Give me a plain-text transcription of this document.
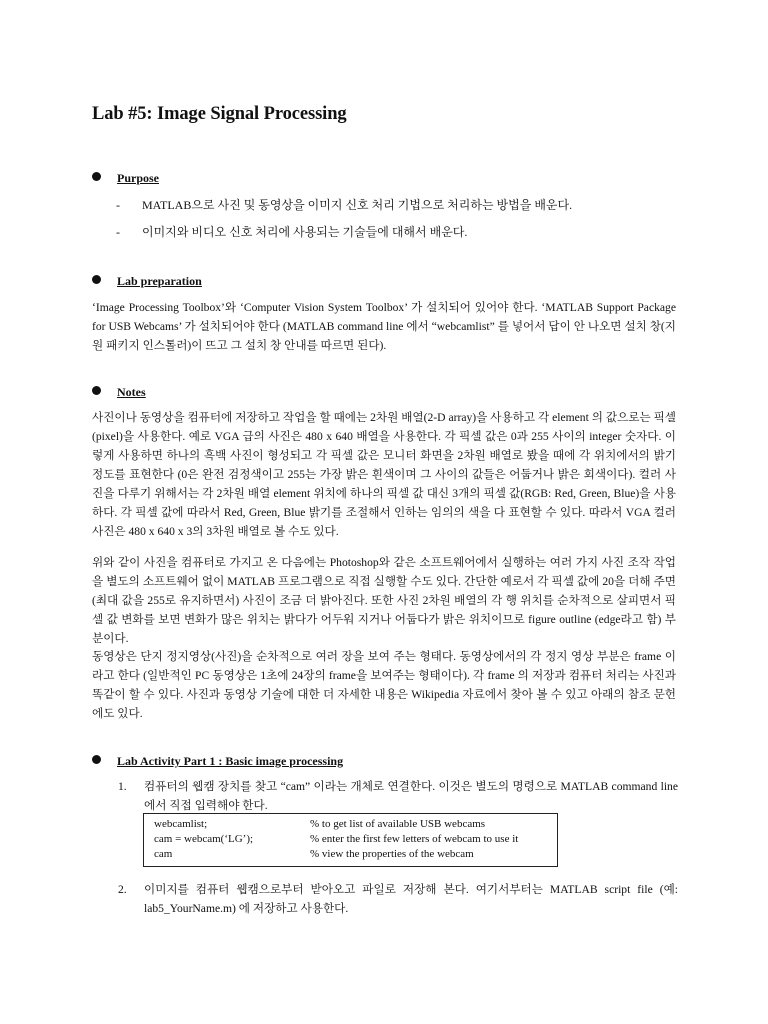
Lab #5: Image Signal Processing
Purpose
- MATLAB으로 사진 및 동영상을 이미지 신호 처리 기법으로 처리하는 방법을 배운다.
- 이미지와 비디오 신호 처리에 사용되는 기술들에 대해서 배운다.
Lab preparation
‘Image Processing Toolbox’와 ‘Computer Vision System Toolbox’ 가 설치되어 있어야 한다. ‘MATLAB Support Package for USB Webcams’ 가 설치되어야 한다 (MATLAB command line 에서 “webcamlist” 를 넣어서 답이 안 나오면 설치 창(지원 패키지 인스톨러)이 뜨고 그 설치 창 안내를 따르면 된다).
Notes
사진이나 동영상을 컴퓨터에 저장하고 작업을 할 때에는 2차원 배열(2-D array)을 사용하고 각 element 의 값으로는 픽셀(pixel)을 사용한다. 예로 VGA 급의 사진은 480 x 640 배열을 사용한다. 각 픽셀 값은 0과 255 사이의 integer 숫자다. 이렇게 사용하면 하나의 흑백 사진이 형성되고 각 픽셀 값은 모니터 화면을 2차원 배열로 봤을 때에 각 위치에서의 밝기 정도를 표현한다 (0은 완전 검정색이고 255는 가장 밝은 흰색이며 그 사이의 값들은 어둡거나 밝은 회색이다). 컬러 사진을 다루기 위해서는 각 2차원 배열 element 위치에 하나의 픽셀 값 대신 3개의 픽셀 값(RGB: Red, Green, Blue)을 사용하다. 각 픽셀 값에 따라서 Red, Green, Blue 밝기를 조절해서 인하는 임의의 색을 다 표현할 수 있다. 따라서 VGA 컬러 사진은 480 x 640 x 3의 3차원 배열로 볼 수도 있다.
위와 같이 사진을 컴퓨터로 가지고 온 다음에는 Photoshop와 같은 소프트웨어에서 실행하는 여러 가지 사진 조작 작업을 별도의 소프트웨어 없이 MATLAB 프로그램으로 직접 실행할 수도 있다. 간단한 예로서 각 픽셀 값에 20을 더해 주면 (최대 값을 255로 유지하면서) 사진이 조금 더 밝아진다. 또한 사진 2차원 배열의 각 행 위치를 순차적으로 살피면서 픽셀 값 변화를 보면 변화가 많은 위치는 밝다가 어두워 지거나 어둡다가 밝은 위치이므로 figure outline (edge라고 함) 부분이다.
동영상은 단지 정지영상(사진)을 순차적으로 여러 장을 보여 주는 형태다. 동영상에서의 각 정지 영상 부분은 frame 이라고 한다 (일반적인 PC 동영상은 1초에 24장의 frame을 보여주는 형태이다). 각 frame 의 저장과 컴퓨터 처리는 사진과 똑같이 할 수 있다. 사진과 동영상 기술에 대한 더 자세한 내용은 Wikipedia 자료에서 찾아 볼 수 있고 아래의 참조 문헌에도 있다.
Lab Activity Part 1 : Basic image processing
1. 컴퓨터의 웹캠 장치를 찾고 “cam” 이라는 개체로 연결한다. 이것은 별도의 명령으로 MATLAB command line 에서 직접 입력해야 한다.
webcamlist;	% to get list of available USB webcams
cam = webcam(‘LG’);	% enter the first few letters of webcam to use it
cam	% view the properties of the webcam
2. 이미지를 컴퓨터 웹캠으로부터 받아오고 파일로 저장해 본다. 여기서부터는 MATLAB script file (예: lab5_YourName.m) 에 저장하고 사용한다.
